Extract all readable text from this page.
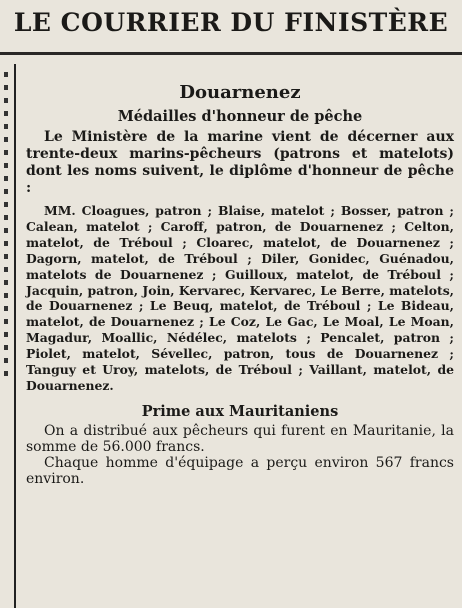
LE COURRIER DU FINISTÈRE
Douarnenez
Médailles d'honneur de pêche

Le Ministère de la marine vient de décerner aux trente-deux marins-pêcheurs (patrons et matelots) dont les noms suivent, le diplôme d'honneur de pêche :

MM. Cloagues, patron ; Blaise, matelot ; Bosser, patron ; Calean, matelot ; Caroff, patron, de Douarnenez ; Celton, matelot, de Tréboul ; Cloarec, matelot, de Douarnenez ; Dagorn, matelot, de Tréboul ; Diler, Gonidec, Guénadou, matelots de Douarnenez ; Guilloux, matelot, de Tréboul ; Jacquin, patron, Join, Kervarec, Kervarec, Le Berre, matelots, de Douarnenez ; Le Beuq, matelot, de Tréboul ; Le Bideau, matelot, de Douarnenez ; Le Coz, Le Gac, Le Moal, Le Moan, Magadur, Moallic, Nédélec, matelots ; Pencalet, patron ; Piolet, matelot, Sévellec, patron, tous de Douarnenez ; Tanguy et Uroy, matelots, de Tréboul ; Vaillant, matelot, de Douarnenez.

Prime aux Mauritaniens

On a distribué aux pêcheurs qui furent en Mauritanie, la somme de 56.000 francs.

Chaque homme d'équipage a perçu environ 567 francs environ.
